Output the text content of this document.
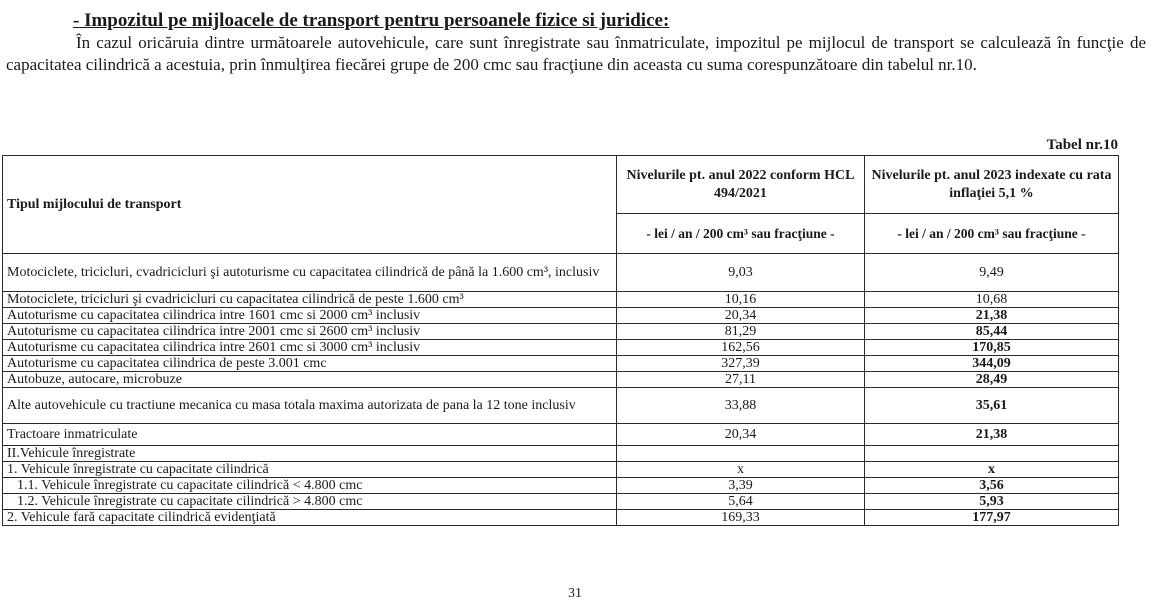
- Impozitul pe mijloacele de transport pentru persoanele fizice si juridice:
În cazul oricăruia dintre următoarele autovehicule, care sunt înregistrate sau înmatriculate, impozitul pe mijlocul de transport se calculează în funcţie de capacitatea cilindrică a acestuia, prin înmulţirea fiecărei grupe de 200 cmc sau fracţiune din aceasta cu suma corespunzătoare din tabelul nr.10.
Tabel nr.10
Tipul mijlocului de transport	Nivelurile pt. anul 2022 conform HCL 494/2021	Nivelurile pt. anul 2023 indexate cu rata inflaţiei 5,1 %
	- lei / an / 200 cm³ sau fracţiune -	- lei / an / 200 cm³ sau fracţiune -
Motociclete, tricicluri, cvadricicluri şi autoturisme cu capacitatea cilindrică de până la 1.600 cm³, inclusiv	9,03	9,49
Motociclete, tricicluri şi cvadricicluri cu capacitatea cilindrică de peste 1.600 cm³	10,16	10,68
Autoturisme cu capacitatea cilindrica intre 1601 cmc si 2000 cm³ inclusiv	20,34	21,38
Autoturisme cu capacitatea cilindrica intre 2001 cmc si 2600 cm³ inclusiv	81,29	85,44
Autoturisme cu capacitatea cilindrica intre 2601 cmc si 3000 cm³ inclusiv	162,56	170,85
Autoturisme cu capacitatea cilindrica de peste 3.001 cmc	327,39	344,09
Autobuze, autocare, microbuze	27,11	28,49
Alte autovehicule cu tractiune mecanica cu masa totala maxima autorizata de pana la 12 tone inclusiv	33,88	35,61
Tractoare inmatriculate	20,34	21,38
II.Vehicule înregistrate		
1. Vehicule înregistrate cu capacitate cilindrică	x	x
1.1. Vehicule înregistrate cu capacitate cilindrică < 4.800 cmc	3,39	3,56
1.2. Vehicule înregistrate cu capacitate cilindrică > 4.800 cmc	5,64	5,93
2. Vehicule fară capacitate cilindrică evidenţiată	169,33	177,97
31
